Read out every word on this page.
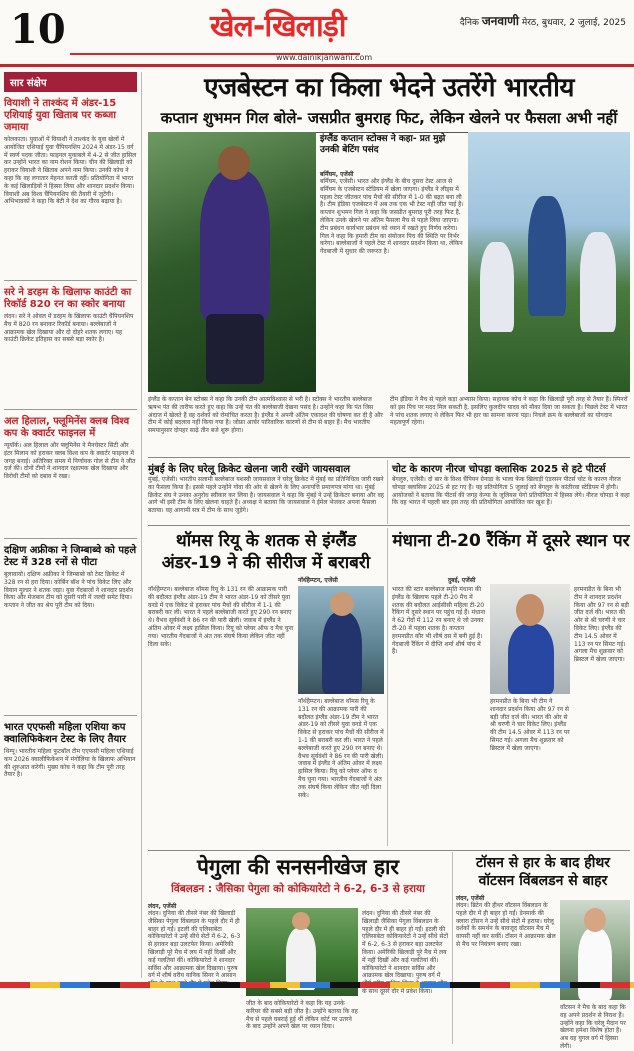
10	खेल-खिलाड़ी
www.dainikjanwani.com
दैनिक जनवाणी मेरठ, बुधवार, 2 जुलाई, 2025
सार संक्षेप
वियाशी ने ताश्कंद में अंडर-15 एशियाई युवा खिताब पर कब्जा जमाया
कोलकाता। युवाओं में वियाशी ने ताश्कंद के युवा खेलों में आयोजित एशियाई युवा चैंपियनशिप 2024 में अंडर-15 वर्ग में स्वर्ण पदक जीता। फाइनल मुकाबले में 4-2 से जीत हासिल कर उन्होंने भारत का नाम रोशन किया। चीन की खिलाड़ी को हराकर वियाशी ने खिताब अपने नाम किया। उनकी कोच ने कहा कि वह लगातार मेहनत करती रहीं। प्रतियोगिता में भारत के कई खिलाड़ियों ने हिस्सा लिया और शानदार प्रदर्शन किया। वियाशी अब विश्व चैंपियनशिप की तैयारी में जुटेंगी। अभिभावकों ने कहा कि बेटी ने देश का गौरव बढ़ाया है।
सरे ने डरहम के खिलाफ काउंटी का रिकॉर्ड 820 रन का स्कोर बनाया
लंदन। सरे ने ओवल में डरहम के खिलाफ काउंटी चैंपियनशिप मैच में 820 रन बनाकर रिकॉर्ड बनाया। बल्लेबाजों ने आक्रामक खेल दिखाया और दो दोहरे शतक लगाए। यह काउंटी क्रिकेट इतिहास का सबसे बड़ा स्कोर है।
अल हिलाल, फ्लूमिनेंस क्लब विश्व कप के क्वार्टर फाइनल में
न्यूयॉर्क। अल हिलाल और फ्लूमिनेंस ने मैनचेस्टर सिटी और इंटर मिलान को हराकर क्लब विश्व कप के क्वार्टर फाइनल में जगह बनाई। अतिरिक्त समय में निर्णायक गोल से टीम ने जीत दर्ज की। दोनों टीमों ने शानदार रक्षात्मक खेल दिखाया और विरोधी टीमों को दबाव में रखा।
दक्षिण अफ्रीका ने जिम्बाब्वे को पहले टेस्ट में 328 रनों से पीटा
बुलावायो। दक्षिण अफ्रीका ने जिम्बाब्वे को टेस्ट क्रिकेट में 328 रन से हरा दिया। कोर्बिन बॉश ने पांच विकेट लिए और वियान मुल्डर ने शतक जड़ा। युवा गेंदबाजों ने शानदार प्रदर्शन किया और मेजबान टीम को दूसरी पारी में जल्दी समेट दिया। कप्तान ने जीत का श्रेय पूरी टीम को दिया।
भारत एएफसी महिला एशिया कप क्वालिफिकेशन टेस्ट के लिए तैयार
थिम्पू। भारतीय महिला फुटबॉल टीम एएफसी महिला एशियाई कप 2026 क्वालीफिकेशन में मंगोलिया के खिलाफ अभियान की शुरुआत करेगी। मुख्य कोच ने कहा कि टीम पूरी तरह तैयार है।
एजबेस्टन का किला भेदने उतरेंगे भारतीय
कप्तान शुभमन गिल बोले- जसप्रीत बुमराह फिट, लेकिन खेलने पर फैसला अभी नहीं
इंग्लैंड कप्तान स्टोक्स ने कहा- प्रत मुझे उनकी बेटिंग पसंद
बर्मिंघम, एजेंसी
बर्मिंघम, एजेंसी। भारत और इंग्लैंड के बीच दूसरा टेस्ट आज से बर्मिंघम के एजबेस्टन स्टेडियम में खेला जाएगा। इंग्लैंड ने लीड्स में पहला टेस्ट जीतकर पांच मैचों की सीरीज में 1-0 की बढ़त बना ली है। टीम इंडिया एजबेस्टन में अब तक एक भी टेस्ट नहीं जीत पाई है। कप्तान शुभमन गिल ने कहा कि जसप्रीत बुमराह पूरी तरह फिट हैं, लेकिन उनके खेलने पर अंतिम फैसला मैच से पहले लिया जाएगा। टीम प्रबंधन कार्यभार प्रबंधन को ध्यान में रखते हुए निर्णय करेगा। गिल ने कहा कि हमारी टीम का संयोजन पिच की स्थिति पर निर्भर करेगा। बल्लेबाजों ने पहले टेस्ट में शानदार प्रदर्शन किया था, लेकिन गेंदबाजी में सुधार की जरूरत है।
इंग्लैंड के कप्तान बेन स्टोक्स ने कहा कि उनकी टीम आत्मविश्वास से भरी है। स्टोक्स ने भारतीय बल्लेबाज ऋषभ पंत की तारीफ करते हुए कहा कि उन्हें पंत की बल्लेबाजी देखना पसंद है। उन्होंने कहा कि पंत जिस अंदाज में खेलते हैं वह दर्शकों को रोमांचित करता है। इंग्लैंड ने अपनी अंतिम एकादश की घोषणा कर दी है और टीम में कोई बदलाव नहीं किया गया है। जोफ्रा आर्चर पारिवारिक कारणों से टीम से बाहर हैं। मैच भारतीय समयानुसार दोपहर साढ़े तीन बजे शुरू होगा।
टीम इंडिया ने मैच से पहले कड़ा अभ्यास किया। सहायक कोच ने कहा कि खिलाड़ी पूरी तरह से तैयार हैं। स्पिनरों को इस पिच पर मदद मिल सकती है, इसलिए कुलदीप यादव को मौका दिया जा सकता है। पिछले टेस्ट में भारत ने पांच शतक लगाए थे लेकिन फिर भी हार का सामना करना पड़ा। निचले क्रम के बल्लेबाजों का योगदान महत्वपूर्ण रहेगा।
मुंबई के लिए घरेलू क्रिकेट खेलना जारी रखेंगे जायसवाल
मुंबई, एजेंसी। भारतीय सलामी बल्लेबाज यशस्वी जायसवाल ने घरेलू क्रिकेट में मुंबई का प्रतिनिधित्व जारी रखने का फैसला किया है। इससे पहले उन्होंने गोवा की ओर से खेलने के लिए अनापत्ति प्रमाणपत्र मांगा था। मुंबई क्रिकेट संघ ने उनका अनुरोध स्वीकार कर लिया है। जायसवाल ने कहा कि मुंबई ने उन्हें क्रिकेटर बनाया और वह आगे भी इसी टीम के लिए खेलना चाहते हैं। अध्यक्ष ने बताया कि जायसवाल ने ईमेल भेजकर अपना फैसला बताया। वह आगामी सत्र में टीम के साथ जुड़ेंगे।
चोट के कारण नीरज चोपड़ा क्लासिक 2025 से हटे पीटर्स
बेंगलुरु, एजेंसी। दो बार के विश्व चैंपियन ग्रेनाडा के भाला फेंक खिलाड़ी एंडरसन पीटर्स चोट के कारण नीरज चोपड़ा क्लासिक 2025 से हट गए हैं। यह प्रतियोगिता 5 जुलाई को बेंगलुरु के कांतीरवा स्टेडियम में होगी। आयोजकों ने बताया कि पीटर्स की जगह केन्या के जूलियस येगो प्रतियोगिता में हिस्सा लेंगे। नीरज चोपड़ा ने कहा कि वह भारत में पहली बार इस तरह की प्रतियोगिता आयोजित कर खुश हैं।
थॉमस रियू के शतक से इंग्लैंड अंडर-19 ने की सीरीज में बराबरी
नॉर्थहैम्प्टन, एजेंसी
नॉर्थहैम्प्टन। बल्लेबाज थॉमस रियू के 131 रन की आक्रामक पारी की बदौलत इंग्लैंड अंडर-19 टीम ने भारत अंडर-19 को तीसरे युवा वनडे में एक विकेट से हराकर पांच मैचों की सीरीज में 1-1 की बराबरी कर ली। भारत ने पहले बल्लेबाजी करते हुए 290 रन बनाए थे। वैभव सूर्यवंशी ने 86 रन की पारी खेली। जवाब में इंग्लैंड ने अंतिम ओवर में लक्ष्य हासिल किया। रियू को प्लेयर ऑफ द मैच चुना गया। भारतीय गेंदबाजों ने अंत तक संघर्ष किया लेकिन जीत नहीं दिला सके।
नॉर्थहैम्प्टन। बल्लेबाज थॉमस रियू के 131 रन की आक्रामक पारी की बदौलत इंग्लैंड अंडर-19 टीम ने भारत अंडर-19 को तीसरे युवा वनडे में एक विकेट से हराकर पांच मैचों की सीरीज में 1-1 की बराबरी कर ली। भारत ने पहले बल्लेबाजी करते हुए 290 रन बनाए थे। वैभव सूर्यवंशी ने 86 रन की पारी खेली। जवाब में इंग्लैंड ने अंतिम ओवर में लक्ष्य हासिल किया। रियू को प्लेयर ऑफ द मैच चुना गया। भारतीय गेंदबाजों ने अंत तक संघर्ष किया लेकिन जीत नहीं दिला सके।
मंधाना टी-20 रैंकिंग में दूसरे स्थान पर
दुबई, एजेंसी
भारत की स्टार बल्लेबाज स्मृति मंधाना की इंग्लैंड के खिलाफ पहले टी-20 मैच में शतक की बदौलत आईसीसी महिला टी-20 रैंकिंग में दूसरे स्थान पर पहुंच गई हैं। मंधाना ने 62 गेंदों में 112 रन बनाए थे जो उनका टी-20 में पहला शतक है। कप्तान हरमनप्रीत कौर भी शीर्ष दस में बनी हुई हैं। गेंदबाजी रैंकिंग में दीप्ति शर्मा शीर्ष पांच में हैं।
हरमनप्रीत के बिना भी टीम ने शानदार प्रदर्शन किया और 97 रन से बड़ी जीत दर्ज की। भारत की ओर से श्री चरणी ने चार विकेट लिए। इंग्लैंड की टीम 14.5 ओवर में 113 रन पर सिमट गई। अगला मैच शुक्रवार को ब्रिस्टल में खेला जाएगा।
हरमनप्रीत के बिना भी टीम ने शानदार प्रदर्शन किया और 97 रन से बड़ी जीत दर्ज की। भारत की ओर से श्री चरणी ने चार विकेट लिए। इंग्लैंड की टीम 14.5 ओवर में 113 रन पर सिमट गई। अगला मैच शुक्रवार को ब्रिस्टल में खेला जाएगा।
पेगुला की सनसनीखेज हार
विंबलडन : जैसिका पेगुला को कोकियारेटो ने 6-2, 6-3 से हराया
लंदन, एजेंसी
लंदन। दुनिया की तीसरे नंबर की खिलाड़ी जैसिका पेगुला विंबलडन के पहले दौर में ही बाहर हो गईं। इटली की एलिसाबेटा कोकियारेटो ने उन्हें सीधे सेटों में 6-2, 6-3 से हराकर बड़ा उलटफेर किया। अमेरिकी खिलाड़ी पूरे मैच में लय में नहीं दिखीं और कई गलतियां कीं। कोकियारेटो ने शानदार सर्विस और आक्रामक खेल दिखाया। पुरुष वर्ग में शीर्ष वरीय यानिक सिनर ने आसान
जीत के बाद कोकियारेटो ने कहा कि यह उनके करियर की सबसे बड़ी जीत है। उन्होंने बताया कि वह मैच से पहले घबराई हुई थीं लेकिन कोर्ट पर उतरने के बाद उन्होंने अपने खेल पर ध्यान दिया।
लंदन। दुनिया की तीसरे नंबर की खिलाड़ी जैसिका पेगुला विंबलडन के पहले दौर में ही बाहर हो गईं। इटली की एलिसाबेटा कोकियारेटो ने उन्हें सीधे सेटों में 6-2, 6-3 से हराकर बड़ा उलटफेर किया। अमेरिकी खिलाड़ी पूरे मैच में लय में नहीं दिखीं और कई गलतियां कीं। कोकियारेटो ने शानदार सर्विस और आक्रामक खेल दिखाया। पुरुष वर्ग में के साथ दूसरे दौर में प्रवेश किया।
टॉसन से हार के बाद हीथर वॉटसन विंबलडन से बाहर
लंदन, एजेंसी
लंदन। ब्रिटेन की हीथर वॉटसन विंबलडन के पहले दौर में ही बाहर हो गईं। डेनमार्क की क्लारा टॉसन ने उन्हें सीधे सेटों में हराया। घरेलू दर्शकों के समर्थन के बावजूद वॉटसन मैच में वापसी नहीं कर सकीं। टॉसन ने आक्रामक खेल से मैच पर नियंत्रण बनाए रखा।
वॉटसन ने मैच के बाद कहा कि वह अपने प्रदर्शन से निराश हैं। उन्होंने कहा कि घरेलू मैदान पर खेलना हमेशा विशेष होता है। अब वह युगल वर्ग में हिस्सा लेंगी।
